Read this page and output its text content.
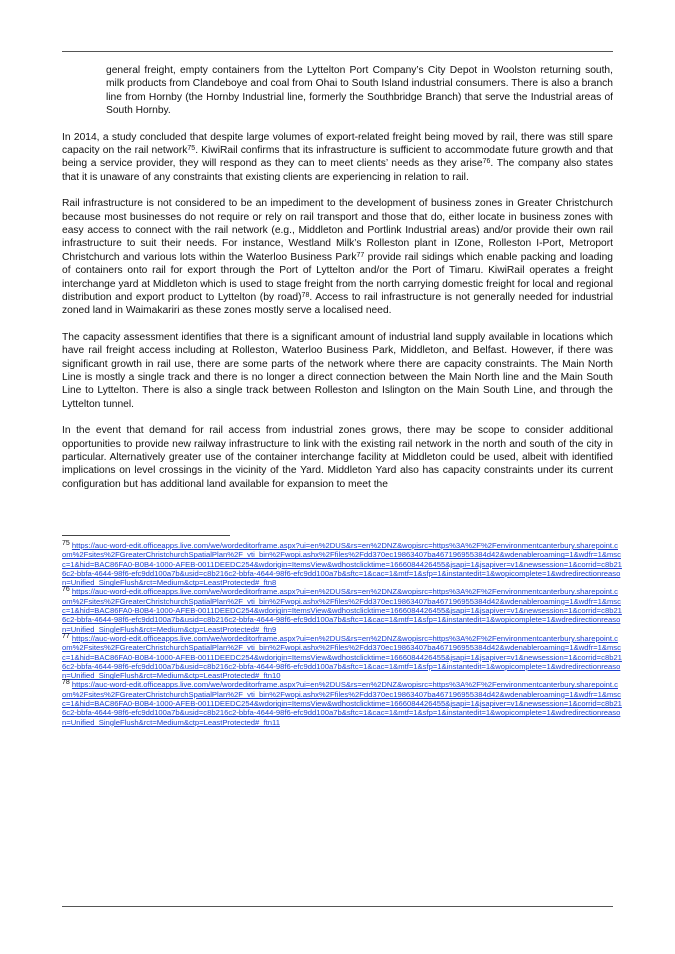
general freight, empty containers from the Lyttelton Port Company’s City Depot in Woolston returning south, milk products from Clandeboye and coal from Ohai to South Island industrial consumers. There is also a branch line from Hornby (the Hornby Industrial line, formerly the Southbridge Branch) that serve the Industrial areas of South Hornby.

In 2014, a study concluded that despite large volumes of export-related freight being moved by rail, there was still spare capacity on the rail network$^{75}$. KiwiRail confirms that its infrastructure is sufficient to accommodate future growth and that being a service provider, they will respond as they can to meet clients’ needs as they arise$^{76}$. The company also states that it is unaware of any constraints that existing clients are experiencing in relation to rail.

Rail infrastructure is not considered to be an impediment to the development of business zones in Greater Christchurch because most businesses do not require or rely on rail transport and those that do, either locate in business zones with easy access to connect with the rail network (e.g., Middleton and Portlink Industrial areas) and/or provide their own rail infrastructure to suit their needs. For instance, Westland Milk’s Rolleston plant in IZone, Rolleston I-Port, Metroport Christchurch and various lots within the Waterloo Business Park$^{77}$ provide rail sidings which enable packing and loading of containers onto rail for export through the Port of Lyttelton and/or the Port of Timaru. KiwiRail operates a freight interchange yard at Middleton which is used to stage freight from the north carrying domestic freight for local and regional distribution and export product to Lyttelton (by road)$^{78}$. Access to rail infrastructure is not generally needed for industrial zoned land in Waimakariri as these zones mostly serve a localised need.

The capacity assessment identifies that there is a significant amount of industrial land supply available in locations which have rail freight access including at Rolleston, Waterloo Business Park, Middleton, and Belfast. However, if there was significant growth in rail use, there are some parts of the network where there are capacity constraints. The Main North Line is mostly a single track and there is no longer a direct connection between the Main North line and the Main South Line to Lyttelton. There is also a single track between Rolleston and Islington on the Main South Line, and through the Lyttelton tunnel.

In the event that demand for rail access from industrial zones grows, there may be scope to consider additional opportunities to provide new railway infrastructure to link with the existing rail network in the north and south of the city in particular. Alternatively greater use of the container interchange facility at Middleton could be used, albeit with identified implications on level crossings in the vicinity of the Yard. Middleton Yard also has capacity constraints under its current configuration but has additional land available for expansion to meet the

$^{75}$ https://auc-word-edit.officeapps.live.com/we/wordeditorframe.aspx?ui=en%2DUS&rs=en%2DNZ&wopisrc=https%3A%2F%2Fenvironmentcanterbury.sharepoint.com%2Fsites%2FGreaterChristchurchSpatialPlan%2F_vti_bin%2Fwopi.ashx%2Ffiles%2Fdd370ec19863407ba467196955384d42&wdenableroaming=1&wdfr=1&mscc=1&hid=BAC86FA0-B0B4-1000-AFEB-0011DEEDC254&wdorigin=ItemsView&wdhostclicktime=1666084426455&jsapi=1&jsapiver=v1&newsession=1&corrid=c8b216c2-bbfa-4644-98f6-efc9dd100a7b&usid=c8b216c2-bbfa-4644-98f6-efc9dd100a7b&sftc=1&cac=1&mtf=1&sfp=1&instantedit=1&wopicomplete=1&wdredirectionreason=Unified_SingleFlush&rct=Medium&ctp=LeastProtected#_ftn8
$^{76}$ https://auc-word-edit.officeapps.live.com/we/wordeditorframe.aspx?ui=en%2DUS&rs=en%2DNZ&wopisrc=https%3A%2F%2Fenvironmentcanterbury.sharepoint.com%2Fsites%2FGreaterChristchurchSpatialPlan%2F_vti_bin%2Fwopi.ashx%2Ffiles%2Fdd370ec19863407ba467196955384d42&wdenableroaming=1&wdfr=1&mscc=1&hid=BAC86FA0-B0B4-1000-AFEB-0011DEEDC254&wdorigin=ItemsView&wdhostclicktime=1666084426455&jsapi=1&jsapiver=v1&newsession=1&corrid=c8b216c2-bbfa-4644-98f6-efc9dd100a7b&usid=c8b216c2-bbfa-4644-98f6-efc9dd100a7b&sftc=1&cac=1&mtf=1&sfp=1&instantedit=1&wopicomplete=1&wdredirectionreason=Unified_SingleFlush&rct=Medium&ctp=LeastProtected#_ftn9
$^{77}$ https://auc-word-edit.officeapps.live.com/we/wordeditorframe.aspx?ui=en%2DUS&rs=en%2DNZ&wopisrc=https%3A%2F%2Fenvironmentcanterbury.sharepoint.com%2Fsites%2FGreaterChristchurchSpatialPlan%2F_vti_bin%2Fwopi.ashx%2Ffiles%2Fdd370ec19863407ba467196955384d42&wdenableroaming=1&wdfr=1&mscc=1&hid=BAC86FA0-B0B4-1000-AFEB-0011DEEDC254&wdorigin=ItemsView&wdhostclicktime=1666084426455&jsapi=1&jsapiver=v1&newsession=1&corrid=c8b216c2-bbfa-4644-98f6-efc9dd100a7b&usid=c8b216c2-bbfa-4644-98f6-efc9dd100a7b&sftc=1&cac=1&mtf=1&sfp=1&instantedit=1&wopicomplete=1&wdredirectionreason=Unified_SingleFlush&rct=Medium&ctp=LeastProtected#_ftn10
$^{78}$ https://auc-word-edit.officeapps.live.com/we/wordeditorframe.aspx?ui=en%2DUS&rs=en%2DNZ&wopisrc=https%3A%2F%2Fenvironmentcanterbury.sharepoint.com%2Fsites%2FGreaterChristchurchSpatialPlan%2F_vti_bin%2Fwopi.ashx%2Ffiles%2Fdd370ec19863407ba467196955384d42&wdenableroaming=1&wdfr=1&mscc=1&hid=BAC86FA0-B0B4-1000-AFEB-0011DEEDC254&wdorigin=ItemsView&wdhostclicktime=1666084426455&jsapi=1&jsapiver=v1&newsession=1&corrid=c8b216c2-bbfa-4644-98f6-efc9dd100a7b&usid=c8b216c2-bbfa-4644-98f6-efc9dd100a7b&sftc=1&cac=1&mtf=1&sfp=1&instantedit=1&wopicomplete=1&wdredirectionreason=Unified_SingleFlush&rct=Medium&ctp=LeastProtected#_ftn11
